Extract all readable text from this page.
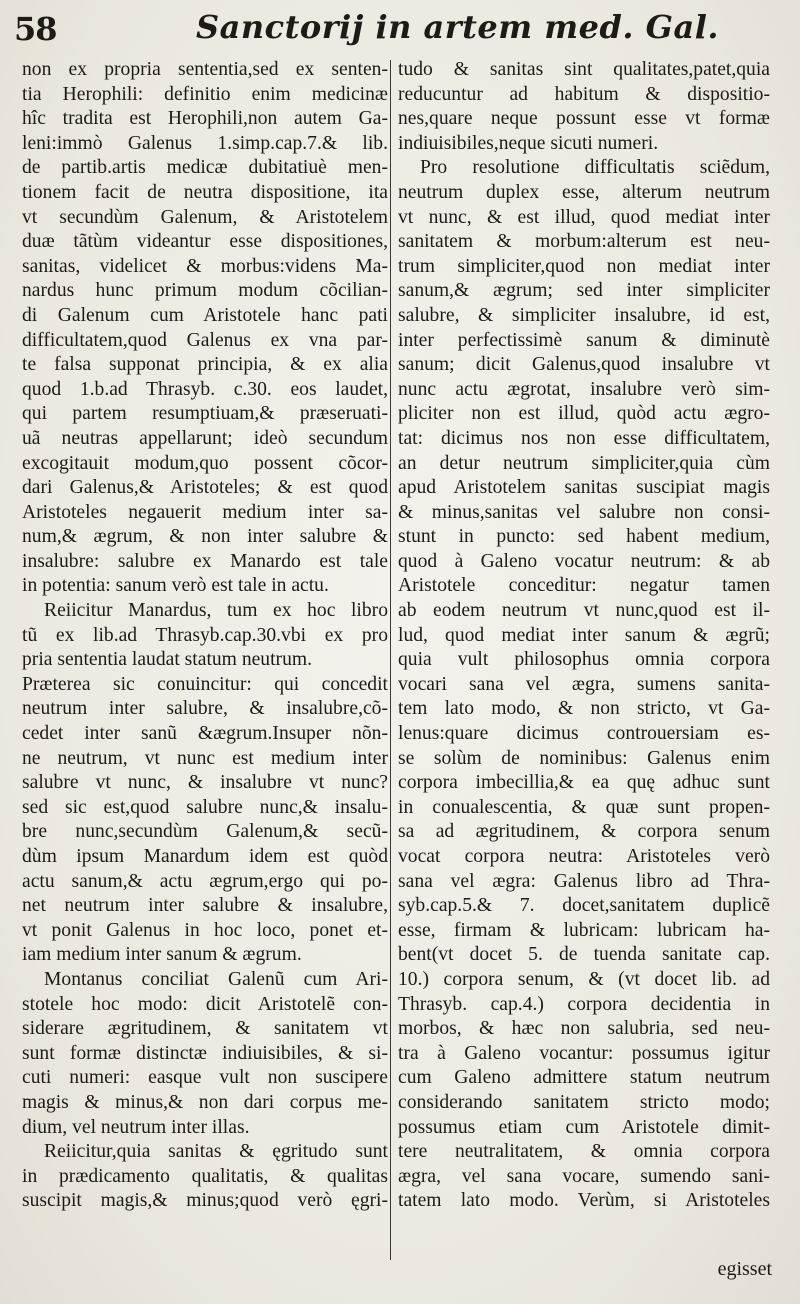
58	Sanctorij in artem med. Gal.
non ex propria sententia,sed ex senten-
tia Herophili: definitio enim medicinæ
hîc tradita est Herophili,non autem Ga-
leni:immò Galenus 1.simp.cap.7.& lib.
de partib.artis medicæ dubitatiuè men-
tionem facit de neutra dispositione, ita
vt secundùm Galenum, & Aristotelem
duæ tãtùm videantur esse dispositiones,
sanitas, videlicet & morbus:videns Ma-
nardus hunc primum modum cõcilian-
di Galenum cum Aristotele hanc pati
difficultatem,quod Galenus ex vna par-
te falsa supponat principia, & ex alia
quod 1.b.ad Thrasyb. c.30. eos laudet,
qui partem resumptiuam,& præseruati-
uã neutras appellarunt; ideò secundum
excogitauit modum,quo possent cõcor-
dari Galenus,& Aristoteles; & est quod
Aristoteles negauerit medium inter sa-
num,& ægrum, & non inter salubre &
insalubre: salubre ex Manardo est tale
in potentia: sanum verò est tale in actu.
Reiicitur Manardus, tum ex hoc libro
tũ ex lib.ad Thrasyb.cap.30.vbi ex pro
pria sententia laudat statum neutrum.
Præterea sic conuincitur: qui concedit
neutrum inter salubre, & insalubre,cõ-
cedet inter sanũ &ægrum.Insuper nõn-
ne neutrum, vt nunc est medium inter
salubre vt nunc, & insalubre vt nunc?
sed sic est,quod salubre nunc,& insalu-
bre nunc,secundùm Galenum,& secũ-
dùm ipsum Manardum idem est quòd
actu sanum,& actu ægrum,ergo qui po-
net neutrum inter salubre & insalubre,
vt ponit Galenus in hoc loco, ponet et-
iam medium inter sanum & ægrum.
Montanus conciliat Galenũ cum Ari-
stotele hoc modo: dicit Aristotelẽ con-
siderare ægritudinem, & sanitatem vt
sunt formæ distinctæ indiuisibiles, & si-
cuti numeri: easque vult non suscipere
magis & minus,& non dari corpus me-
dium, vel neutrum inter illas.
Reiicitur,quia sanitas & ęgritudo sunt
in prædicamento qualitatis, & qualitas
suscipit magis,& minus;quod verò ęgri-
tudo & sanitas sint qualitates,patet,quia
reducuntur ad habitum & dispositio-
nes,quare neque possunt esse vt formæ
indiuisibiles,neque sicuti numeri.
Pro resolutione difficultatis sciẽdum,
neutrum duplex esse, alterum neutrum
vt nunc, & est illud, quod mediat inter
sanitatem & morbum:alterum est neu-
trum simpliciter,quod non mediat inter
sanum,& ægrum; sed inter simpliciter
salubre, & simpliciter insalubre, id est,
inter perfectissimè sanum & diminutè
sanum; dicit Galenus,quod insalubre vt
nunc actu ægrotat, insalubre verò sim-
pliciter non est illud, quòd actu ægro-
tat: dicimus nos non esse difficultatem,
an detur neutrum simpliciter,quia cùm
apud Aristotelem sanitas suscipiat magis
& minus,sanitas vel salubre non consi-
stunt in puncto: sed habent medium,
quod à Galeno vocatur neutrum: & ab
Aristotele conceditur: negatur tamen
ab eodem neutrum vt nunc,quod est il-
lud, quod mediat inter sanum & ægrũ;
quia vult philosophus omnia corpora
vocari sana vel ægra, sumens sanita-
tem lato modo, & non stricto, vt Ga-
lenus:quare dicimus controuersiam es-
se solùm de nominibus: Galenus enim
corpora imbecillia,& ea quę adhuc sunt
in conualescentia, & quæ sunt propen-
sa ad ægritudinem, & corpora senum
vocat corpora neutra: Aristoteles verò
sana vel ægra: Galenus libro ad Thra-
syb.cap.5.& 7. docet,sanitatem duplicẽ
esse, firmam & lubricam: lubricam ha-
bent(vt docet 5. de tuenda sanitate cap.
10.) corpora senum, & (vt docet lib. ad
Thrasyb. cap.4.) corpora decidentia in
morbos, & hæc non salubria, sed neu-
tra à Galeno vocantur: possumus igitur
cum Galeno admittere statum neutrum
considerando sanitatem stricto modo;
possumus etiam cum Aristotele dimit-
tere neutralitatem, & omnia corpora
ægra, vel sana vocare, sumendo sani-
tatem lato modo. Verùm, si Aristoteles
egisset
